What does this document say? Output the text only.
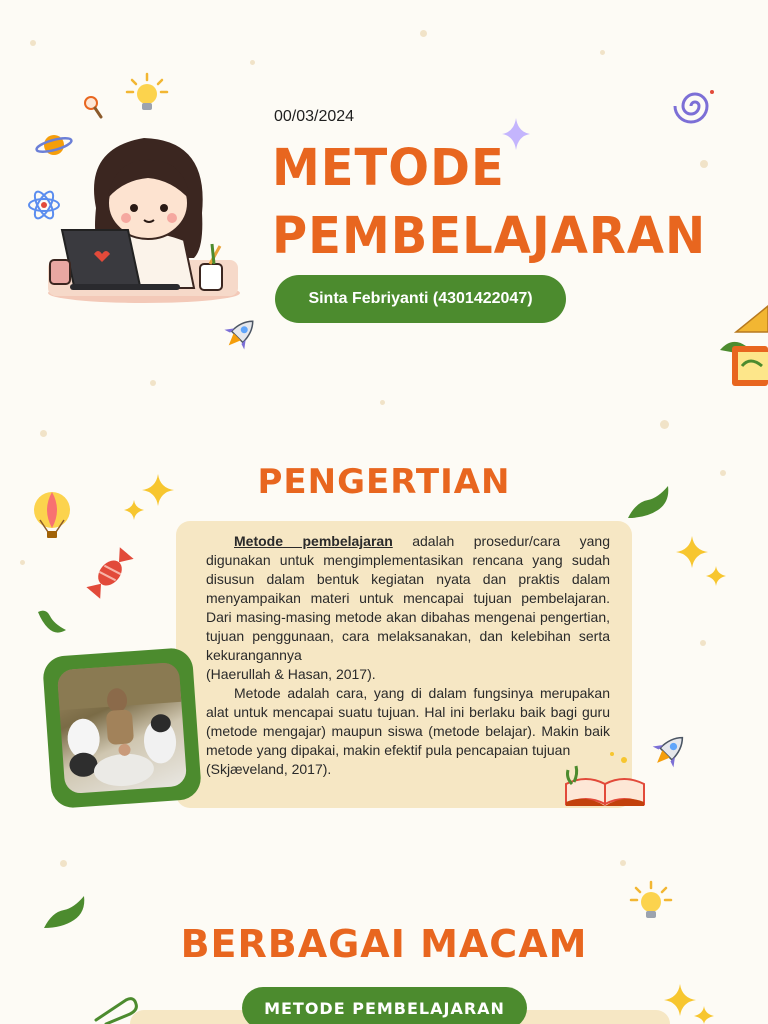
00/03/2024
METODE
PEMBELAJARAN
Sinta Febriyanti (4301422047)
PENGERTIAN

Metode pembelajaran adalah prosedur/cara yang digunakan untuk mengimplementasikan rencana yang sudah disusun dalam bentuk kegiatan nyata dan praktis dalam menyampaikan materi untuk mencapai tujuan pembelajaran. Dari masing-masing metode akan dibahas mengenai pengertian, tujuan penggunaan, cara melaksanakan, dan kelebihan serta kekurangannya

(Haerullah & Hasan, 2017).

Metode adalah cara, yang di dalam fungsinya merupakan alat untuk mencapai suatu tujuan. Hal ini berlaku baik bagi guru (metode mengajar) maupun siswa (metode belajar). Makin baik metode yang dipakai, makin efektif pula pencapaian tujuan

(Skjæveland, 2017).

BERBAGAI MACAM
METODE PEMBELAJARAN
